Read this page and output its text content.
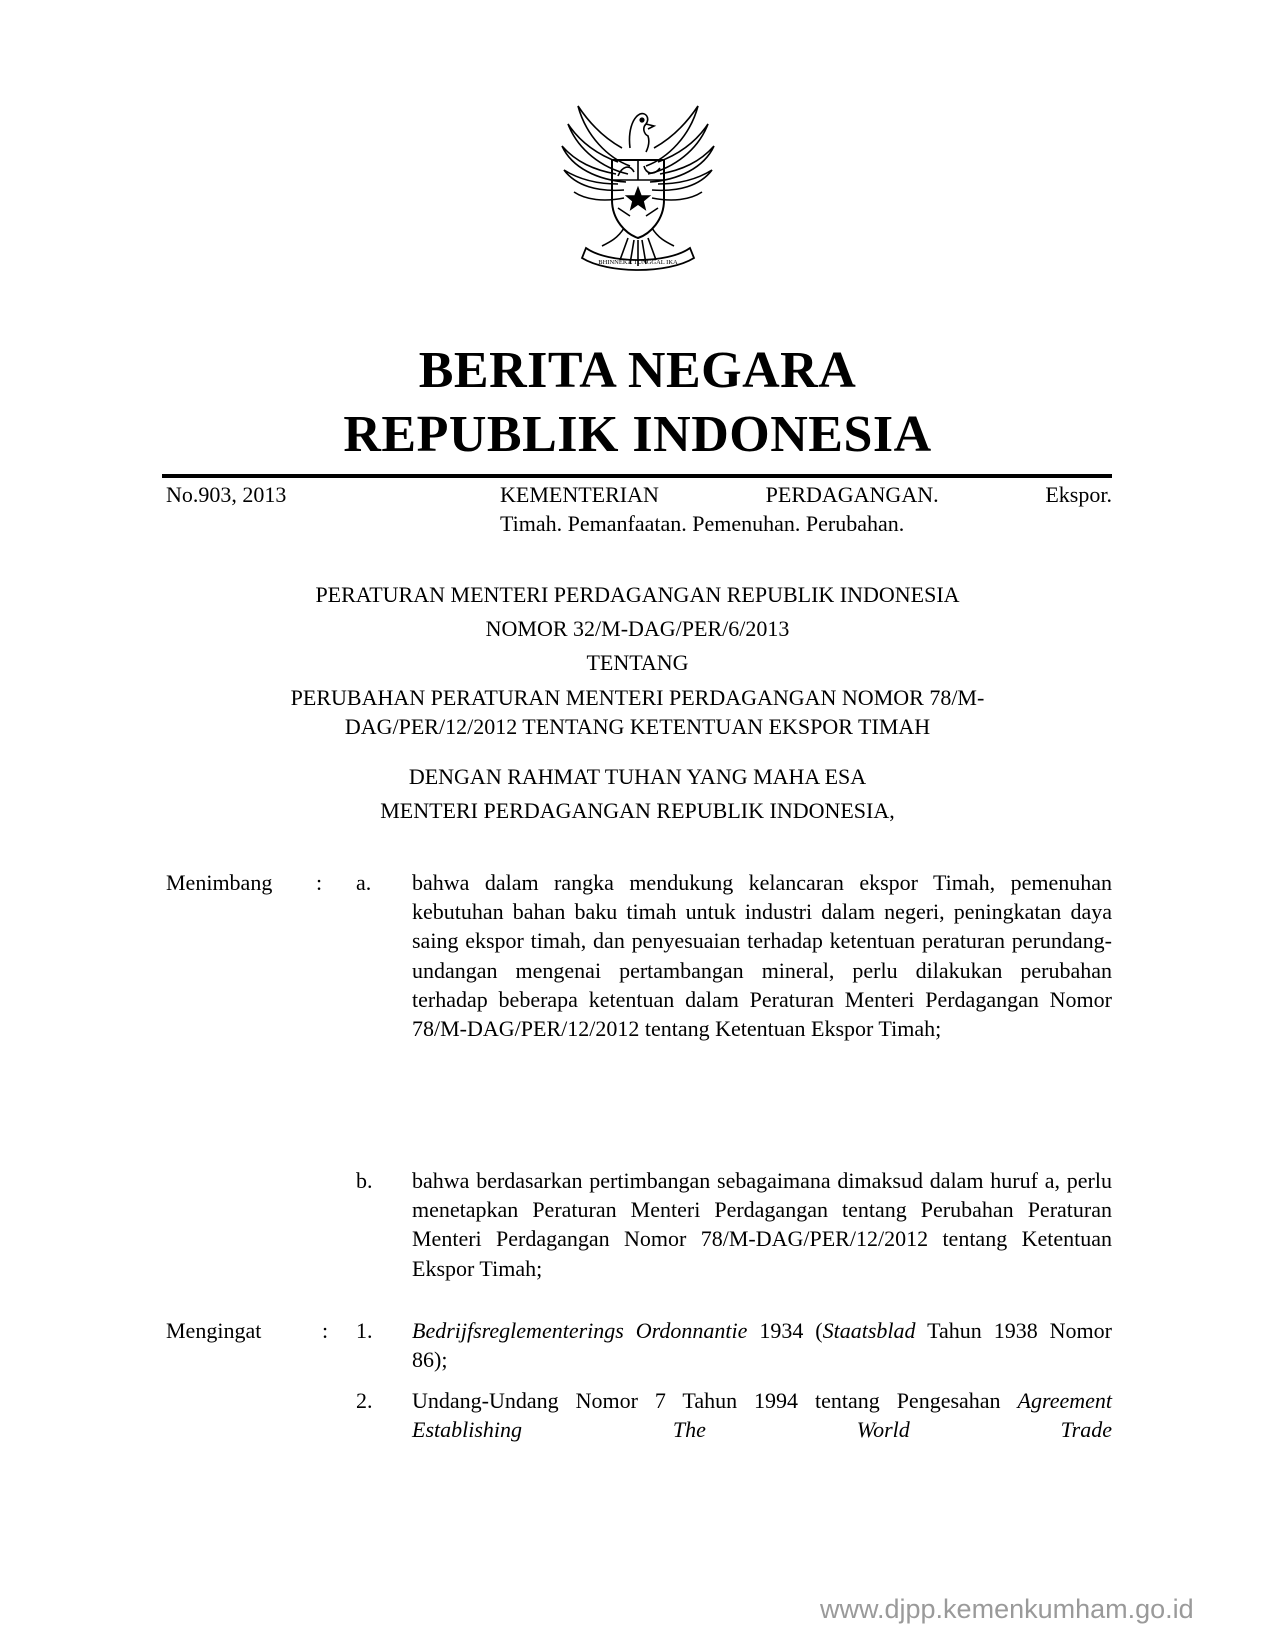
BHINNEKA TUNGGAL IKA
BERITA NEGARA
REPUBLIK INDONESIA
No.903, 2013	KEMENTERIAN	PERDAGANGAN.	Ekspor.
Timah. Pemanfaatan. Pemenuhan. Perubahan.
PERATURAN MENTERI PERDAGANGAN REPUBLIK INDONESIA
NOMOR 32/M-DAG/PER/6/2013
TENTANG
PERUBAHAN PERATURAN MENTERI PERDAGANGAN NOMOR 78/M-
DAG/PER/12/2012 TENTANG KETENTUAN EKSPOR TIMAH
DENGAN RAHMAT TUHAN YANG MAHA ESA
MENTERI PERDAGANGAN REPUBLIK INDONESIA,
Menimbang : a. bahwa dalam rangka mendukung kelancaran ekspor Timah, pemenuhan kebutuhan bahan baku timah untuk industri dalam negeri, peningkatan daya saing ekspor timah, dan penyesuaian terhadap ketentuan peraturan perundang-undangan mengenai pertambangan mineral, perlu dilakukan perubahan terhadap beberapa ketentuan dalam Peraturan Menteri Perdagangan Nomor 78/M-DAG/PER/12/2012 tentang Ketentuan Ekspor Timah;
b. bahwa berdasarkan pertimbangan sebagaimana dimaksud dalam huruf a, perlu menetapkan Peraturan Menteri Perdagangan tentang Perubahan Peraturan Menteri Perdagangan Nomor 78/M-DAG/PER/12/2012 tentang Ketentuan Ekspor Timah;
Mengingat	: 1. Bedrijfsreglementerings Ordonnantie 1934 (Staatsblad Tahun 1938 Nomor 86);
2. Undang-Undang Nomor 7 Tahun 1994 tentang Pengesahan Agreement Establishing The World Trade
www.djpp.kemenkumham.go.id
